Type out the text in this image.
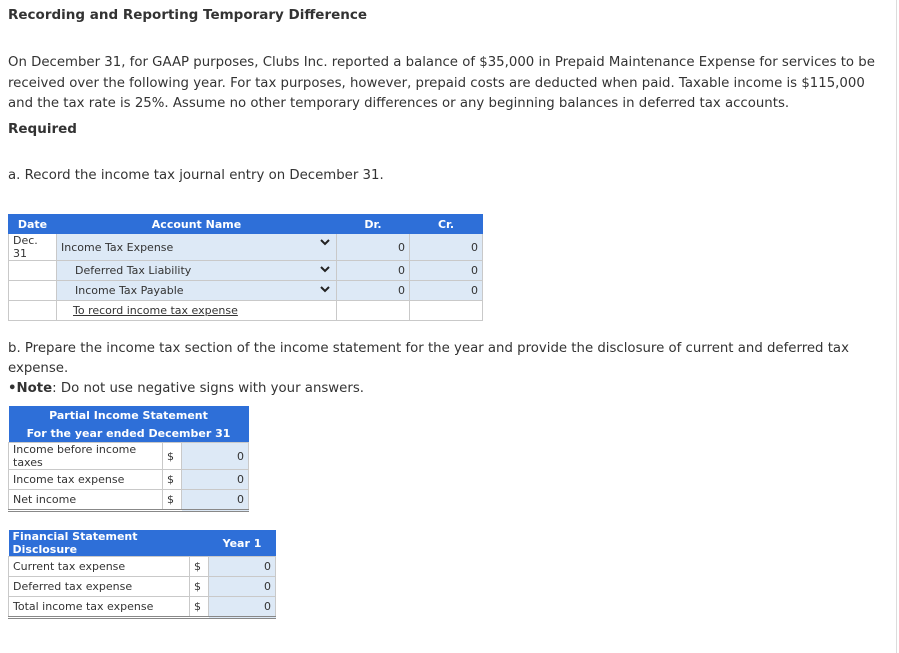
Recording and Reporting Temporary Difference
On December 31, for GAAP purposes, Clubs Inc. reported a balance of $35,000 in Prepaid Maintenance Expense for services to be received over the following year. For tax purposes, however, prepaid costs are deducted when paid. Taxable income is $115,000 and the tax rate is 25%. Assume no other temporary differences or any beginning balances in deferred tax accounts.
Required
a. Record the income tax journal entry on December 31.
Date	Account Name	Dr.	Cr.
Dec. 31	Income Tax Expense	0	0
	Deferred Tax Liability	0	0
	Income Tax Payable	0	0
	To record income tax expense		
b. Prepare the income tax section of the income statement for the year and provide the disclosure of current and deferred tax expense.
•Note: Do not use negative signs with your answers.
Partial Income Statement		
For the year ended December 31		
Income before income taxes	$	0
Income tax expense	$	0
Net income	$	0
Financial Statement Disclosure		Year 1
Current tax expense	$	0
Deferred tax expense	$	0
Total income tax expense	$	0
